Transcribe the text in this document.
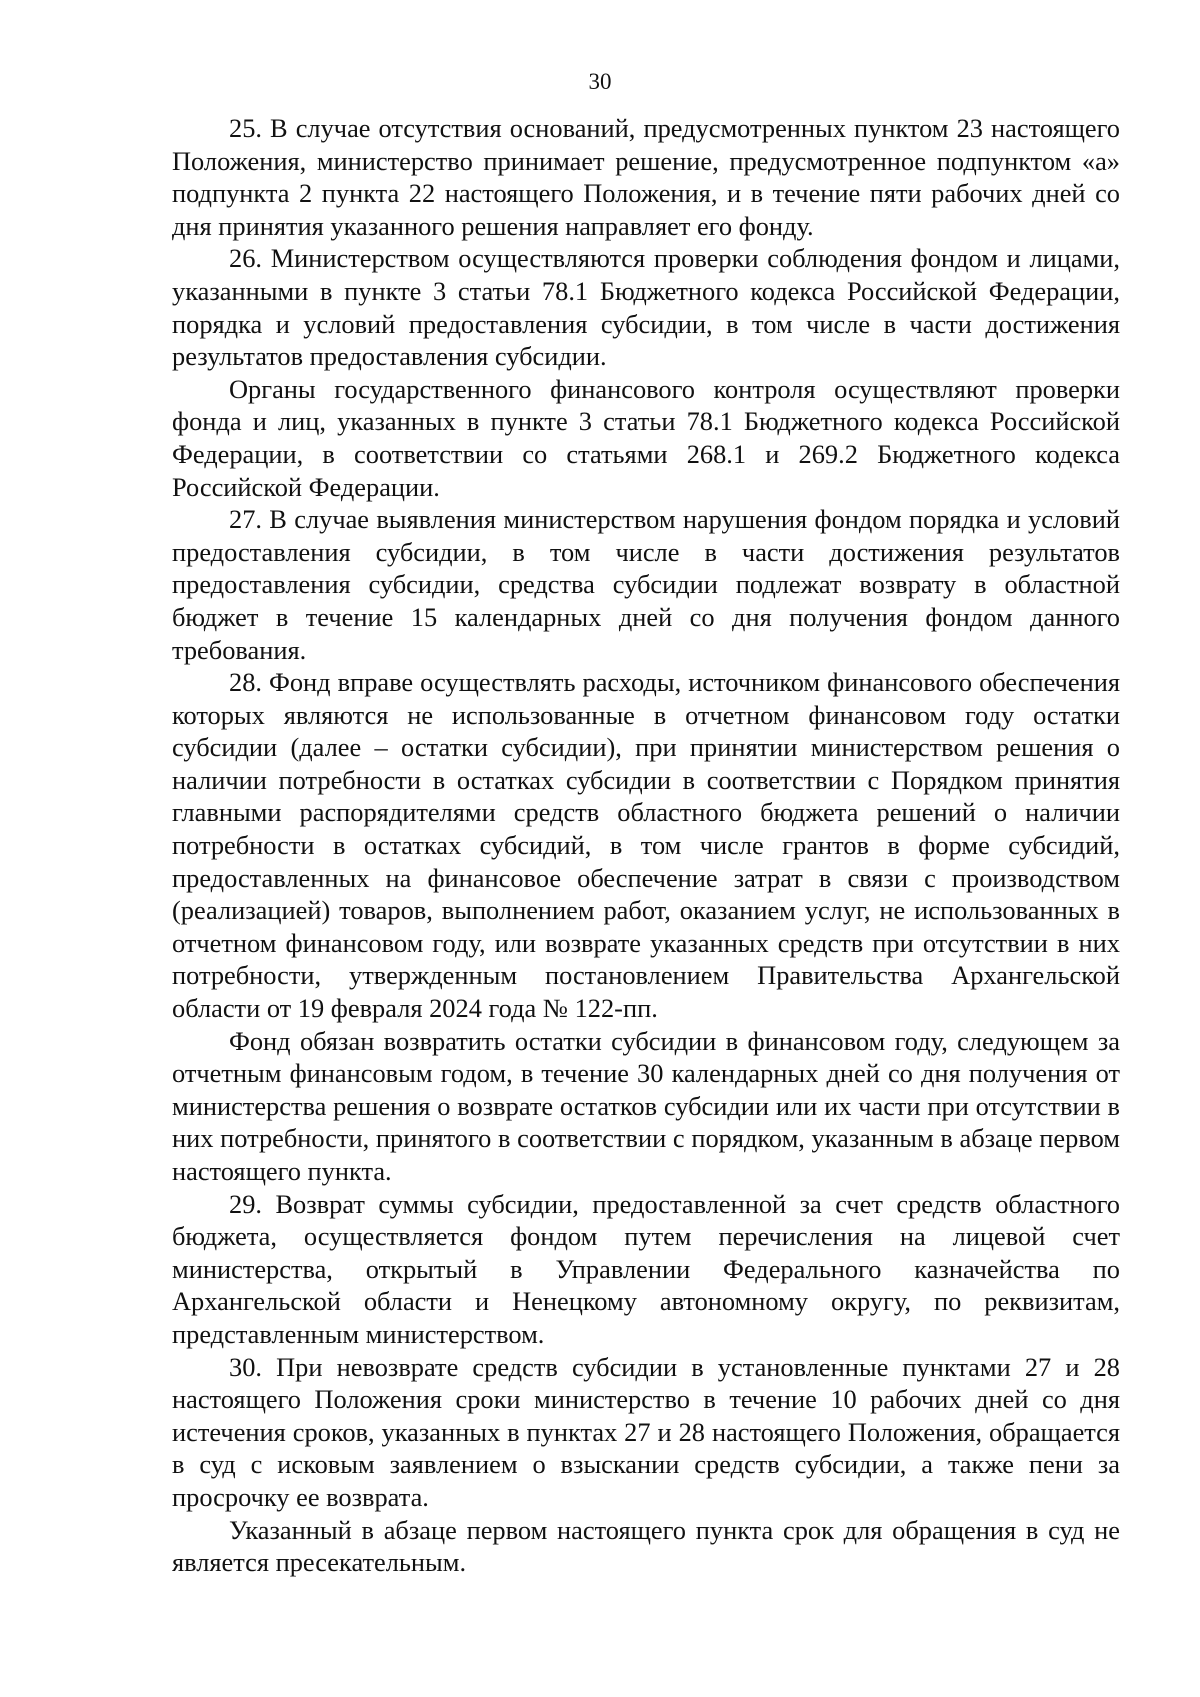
30

25. В случае отсутствия оснований, предусмотренных пунктом 23 настоящего Положения, министерство принимает решение, предусмотренное подпунктом «а» подпункта 2 пункта 22 настоящего Положения, и в течение пяти рабочих дней со дня принятия указанного решения направляет его фонду.

26. Министерством осуществляются проверки соблюдения фондом и лицами, указанными в пункте 3 статьи 78.1 Бюджетного кодекса Российской Федерации, порядка и условий предоставления субсидии, в том числе в части достижения результатов предоставления субсидии.

Органы государственного финансового контроля осуществляют проверки фонда и лиц, указанных в пункте 3 статьи 78.1 Бюджетного кодекса Российской Федерации, в соответствии со статьями 268.1 и 269.2 Бюджетного кодекса Российской Федерации.

27. В случае выявления министерством нарушения фондом порядка и условий предоставления субсидии, в том числе в части достижения результатов предоставления субсидии, средства субсидии подлежат возврату в областной бюджет в течение 15 календарных дней со дня получения фондом данного требования.

28. Фонд вправе осуществлять расходы, источником финансового обеспечения которых являются не использованные в отчетном финансовом году остатки субсидии (далее – остатки субсидии), при принятии министерством решения о наличии потребности в остатках субсидии в соответствии с Порядком принятия главными распорядителями средств областного бюджета решений о наличии потребности в остатках субсидий, в том числе грантов в форме субсидий, предоставленных на финансовое обеспечение затрат в связи с производством (реализацией) товаров, выполнением работ, оказанием услуг, не использованных в отчетном финансовом году, или возврате указанных средств при отсутствии в них потребности, утвержденным постановлением Правительства Архангельской области от 19 февраля 2024 года № 122-пп.

Фонд обязан возвратить остатки субсидии в финансовом году, следующем за отчетным финансовым годом, в течение 30 календарных дней со дня получения от министерства решения о возврате остатков субсидии или их части при отсутствии в них потребности, принятого в соответствии с порядком, указанным в абзаце первом настоящего пункта.

29. Возврат суммы субсидии, предоставленной за счет средств областного бюджета, осуществляется фондом путем перечисления на лицевой счет министерства, открытый в Управлении Федерального казначейства по Архангельской области и Ненецкому автономному округу, по реквизитам, представленным министерством.

30. При невозврате средств субсидии в установленные пунктами 27 и 28 настоящего Положения сроки министерство в течение 10 рабочих дней со дня истечения сроков, указанных в пунктах 27 и 28 настоящего Положения, обращается в суд с исковым заявлением о взыскании средств субсидии, а также пени за просрочку ее возврата.

Указанный в абзаце первом настоящего пункта срок для обращения в суд не является пресекательным.
